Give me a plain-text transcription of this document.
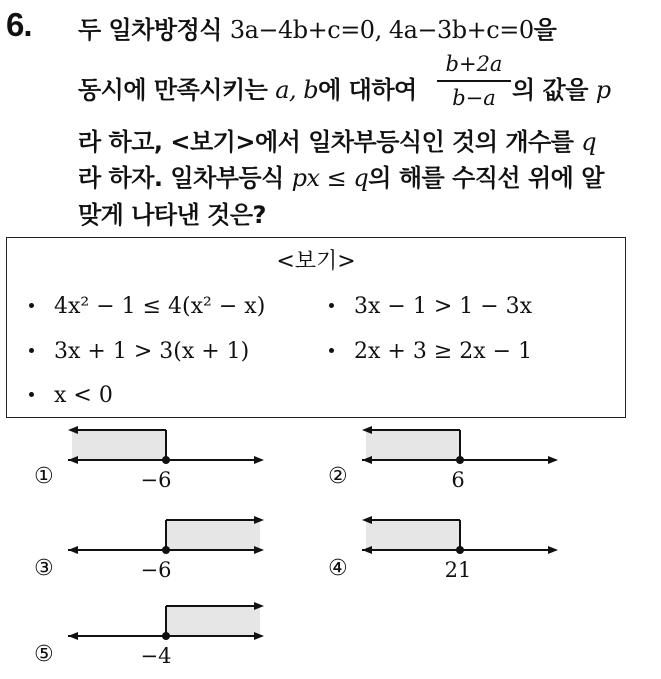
6. 두 일차방정식 3a−4b+c=0, 4a−3b+c=0을
동시에 만족시키는 a, b에 대하여
b+2a
b−a 의 값을 p
라 하고, <보기>에서 일차부등식인 것의 개수를 q
라 하자. 일차부등식 px ≤ q의 해를 수직선 위에 알
맞게 나타낸 것은?
<보기>
4x² − 1 ≤ 4(x² − x)	3x − 1 > 1 − 3x
3x + 1 > 3(x + 1)	2x + 3 ≥ 2x − 1
x < 0
①	−6	②	6
③	−6	④	21
⑤	−4
